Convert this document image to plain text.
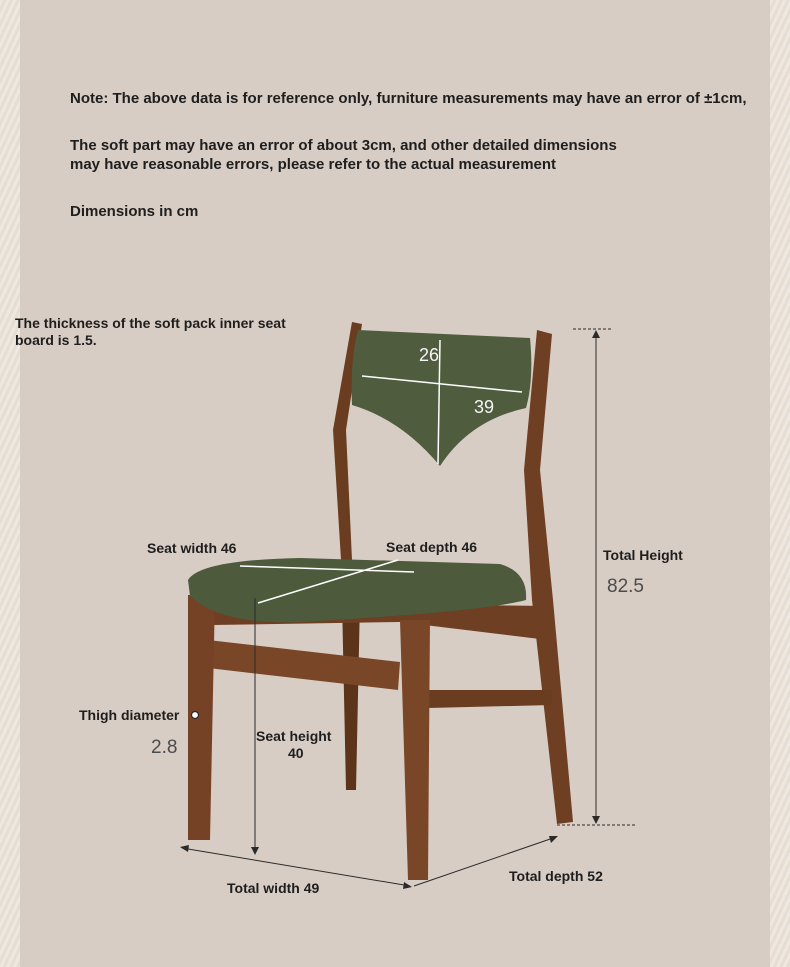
Note: The above data is for reference only, furniture measurements may have an error of ±1cm,
The soft part may have an error of about 3cm, and other detailed dimensions
may have reasonable errors, please refer to the actual measurement
Dimensions in cm
The thickness of the soft pack inner seat
board is 1.5.
26
39
Seat width 46	Seat depth 46	Total Height
82.5
Thigh diameter
2.8
Seat height
40
Total width 49
Total depth 52
